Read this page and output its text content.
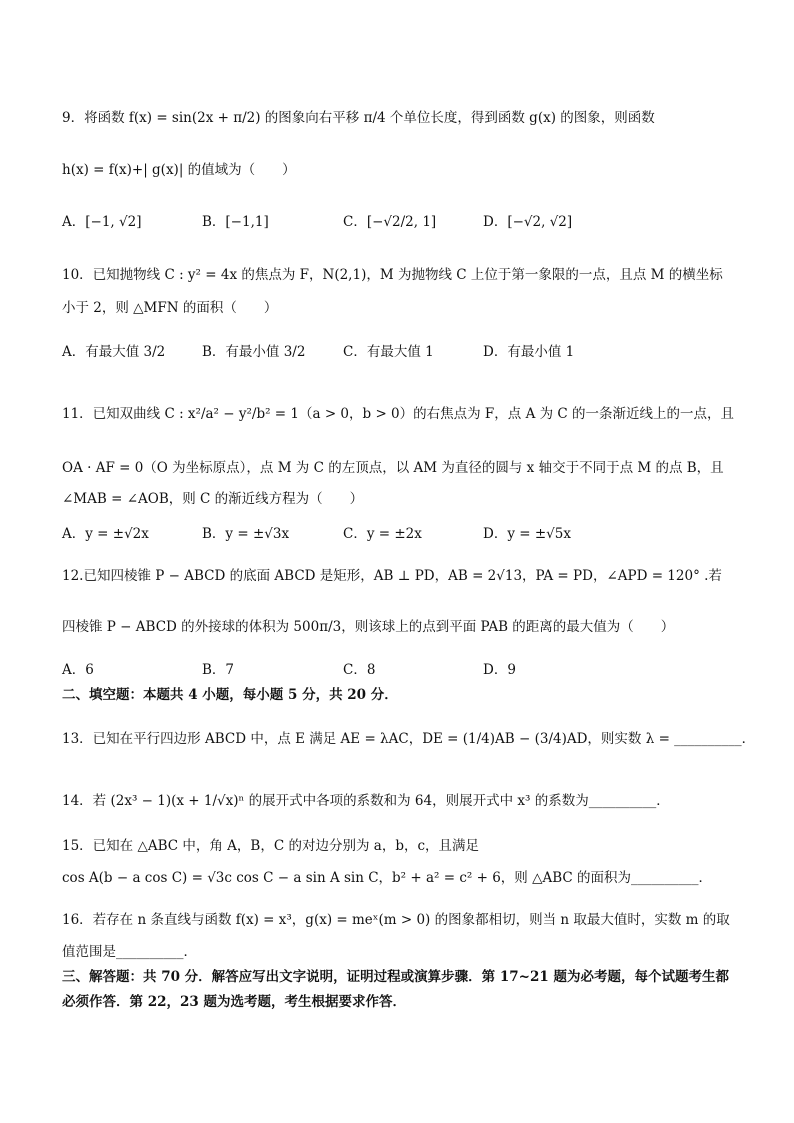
9．将函数 f(x) = sin(2x + π/2) 的图象向右平移 π/4 个单位长度，得到函数 g(x) 的图象，则函数
h(x) = f(x)+| g(x)| 的值域为（　　）
A．[−1, √2]	B．[−1,1]	C．[−√2/2, 1]	D．[−√2, √2]
10．已知抛物线 C : y² = 4x 的焦点为 F，N(2,1)，M 为抛物线 C 上位于第一象限的一点，且点 M 的横坐标
小于 2，则 △MFN 的面积（　　）
A．有最大值 3/2	B．有最小值 3/2	C．有最大值 1	D．有最小值 1
11．已知双曲线 C : x²/a² − y²/b² = 1（a > 0，b > 0）的右焦点为 F，点 A 为 C 的一条渐近线上的一点，且
OA · AF = 0（O 为坐标原点），点 M 为 C 的左顶点，以 AM 为直径的圆与 x 轴交于不同于点 M 的点 B，且
∠MAB = ∠AOB，则 C 的渐近线方程为（　　）
A．y = ±√2x	B．y = ±√3x	C．y = ±2x	D．y = ±√5x
12.已知四棱锥 P − ABCD 的底面 ABCD 是矩形，AB ⊥ PD，AB = 2√13，PA = PD，∠APD = 120° .若
四棱锥 P − ABCD 的外接球的体积为 500π/3，则该球上的点到平面 PAB 的距离的最大值为（　　）
A．6	B．7	C．8	D．9
二、填空题：本题共 4 小题，每小题 5 分，共 20 分．
13．已知在平行四边形 ABCD 中，点 E 满足 AE = λAC，DE = (1/4)AB − (3/4)AD，则实数 λ = __________．
14．若 (2x³ − 1)(x + 1/√x)ⁿ 的展开式中各项的系数和为 64，则展开式中 x³ 的系数为__________．
15．已知在 △ABC 中，角 A，B，C 的对边分别为 a，b，c，且满足
cos A(b − a cos C) = √3c cos C − a sin A sin C，b² + a² = c² + 6，则 △ABC 的面积为__________．
16．若存在 n 条直线与函数 f(x) = x³，g(x) = meˣ(m > 0) 的图象都相切，则当 n 取最大值时，实数 m 的取
值范围是__________．
三、解答题：共 70 分．解答应写出文字说明，证明过程或演算步骤．第 17~21 题为必考题，每个试题考生都
必须作答．第 22，23 题为选考题，考生根据要求作答．
